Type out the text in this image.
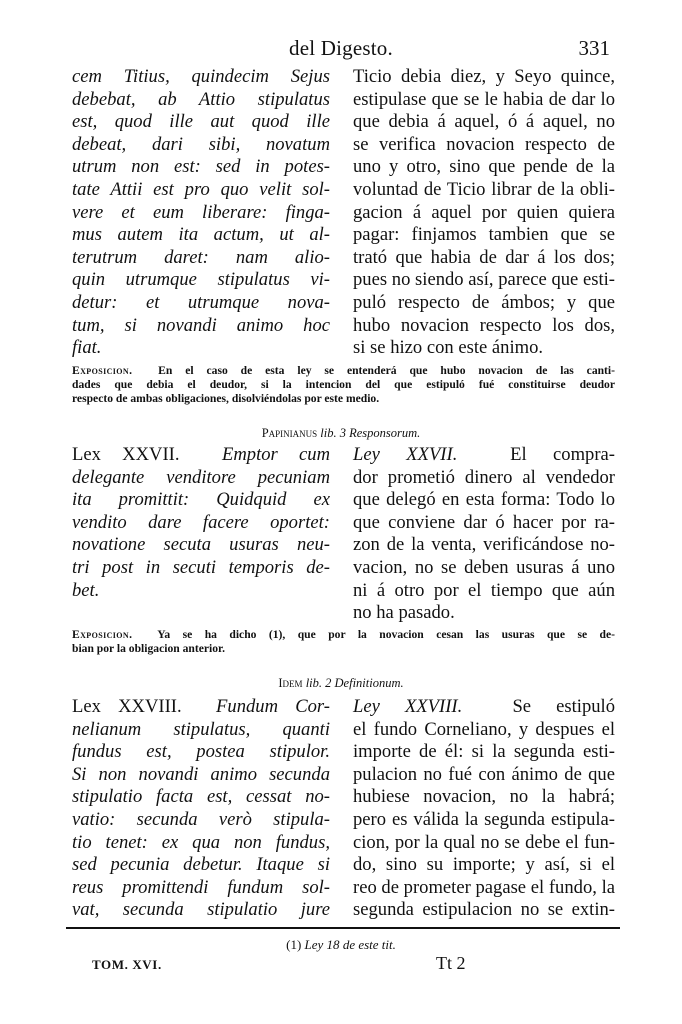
del Digesto.	331
cem Titius, quindecim Sejus
debebat, ab Attio stipulatus
est, quod ille aut quod ille
debeat, dari sibi, novatum
utrum non est: sed in potes-
tate Attii est pro quo velit sol-
vere et eum liberare: finga-
mus autem ita actum, ut al-
terutrum daret: nam alio-
quin utrumque stipulatus vi-
detur: et utrumque nova-
tum, si novandi animo hoc
fiat.
Ticio debia diez, y Seyo quince,
estipulase que se le habia de dar lo
que debia á aquel, ó á aquel, no
se verifica novacion respecto de
uno y otro, sino que pende de la
voluntad de Ticio librar de la obli-
gacion á aquel por quien quiera
pagar: finjamos tambien que se
trató que habia de dar á los dos;
pues no siendo así, parece que esti-
puló respecto de ámbos; y que
hubo novacion respecto los dos,
si se hizo con este ánimo.
Exposicion. En el caso de esta ley se entenderá que hubo novacion de las canti-
dades que debia el deudor, si la intencion del que estipuló fué constituirse deudor
respecto de ambas obligaciones, disolviéndolas por este medio.
Papinianus lib. 3 Responsorum.
Lex XXVII. Emptor cum
delegante venditore pecuniam
ita promittit: Quidquid ex
vendito dare facere oportet:
novatione secuta usuras neu-
tri post in secuti temporis de-
bet.
Ley XXVII.	El compra-
dor prometió dinero al vendedor
que delegó en esta forma: Todo lo
que conviene dar ó hacer por ra-
zon de la venta, verificándose no-
vacion, no se deben usuras á uno
ni á otro por el tiempo que aún
no ha pasado.
Exposicion. Ya se ha dicho (1), que por la novacion cesan las usuras que se de-
bian por la obligacion anterior.
Idem lib. 2 Definitionum.
Lex XXVIII. Fundum Cor-
nelianum stipulatus, quanti
fundus est, postea stipulor.
Si non novandi animo secunda
stipulatio facta est, cessat no-
vatio: secunda verò stipula-
tio tenet: ex qua non fundus,
sed pecunia debetur. Itaque si
reus promittendi fundum sol-
vat, secunda stipulatio jure
Ley XXVIII.	Se estipuló
el fundo Corneliano, y despues el
importe de él: si la segunda esti-
pulacion no fué con ánimo de que
hubiese novacion, no la habrá;
pero es válida la segunda estipula-
cion, por la qual no se debe el fun-
do, sino su importe; y así, si el
reo de prometer pagase el fundo, la
segunda estipulacion no se extin-
(1) Ley 18 de este tit.
TOM. XVI.	Tt 2
